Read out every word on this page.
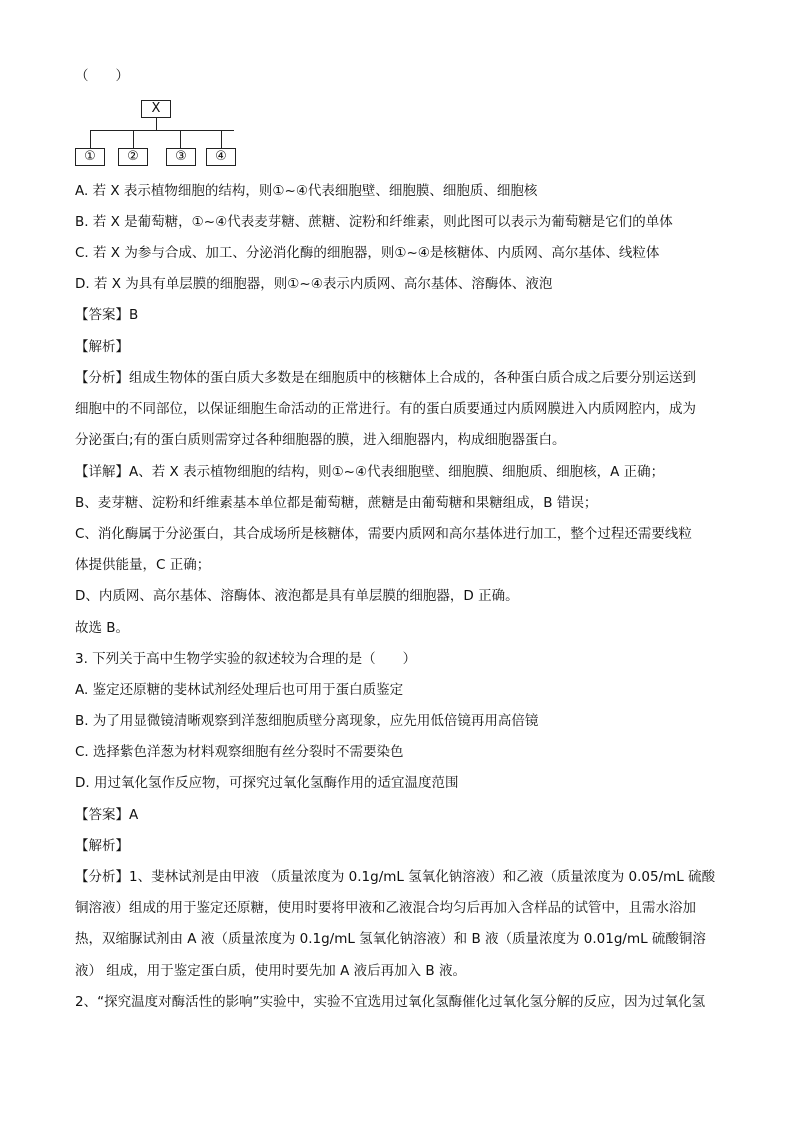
（　　）
X
①	②	③	④
A. 若 X 表示植物细胞的结构，则①~④代表细胞壁、细胞膜、细胞质、细胞核
B. 若 X 是葡萄糖，①~④代表麦芽糖、蔗糖、淀粉和纤维素，则此图可以表示为葡萄糖是它们的单体
C. 若 X 为参与合成、加工、分泌消化酶的细胞器，则①~④是核糖体、内质网、高尔基体、线粒体
D. 若 X 为具有单层膜的细胞器，则①~④表示内质网、高尔基体、溶酶体、液泡
【答案】B
【解析】
【分析】组成生物体的蛋白质大多数是在细胞质中的核糖体上合成的，各种蛋白质合成之后要分别运送到
细胞中的不同部位，以保证细胞生命活动的正常进行。有的蛋白质要通过内质网膜进入内质网腔内，成为
分泌蛋白;有的蛋白质则需穿过各种细胞器的膜，进入细胞器内，构成细胞器蛋白。
【详解】A、若 X 表示植物细胞的结构，则①~④代表细胞壁、细胞膜、细胞质、细胞核，A 正确；
B、麦芽糖、淀粉和纤维素基本单位都是葡萄糖，蔗糖是由葡萄糖和果糖组成，B 错误；
C、消化酶属于分泌蛋白，其合成场所是核糖体，需要内质网和高尔基体进行加工，整个过程还需要线粒
体提供能量，C 正确；
D、内质网、高尔基体、溶酶体、液泡都是具有单层膜的细胞器，D 正确。
故选 B。
3. 下列关于高中生物学实验的叙述较为合理的是（　　）
A. 鉴定还原糖的斐林试剂经处理后也可用于蛋白质鉴定
B. 为了用显微镜清晰观察到洋葱细胞质壁分离现象，应先用低倍镜再用高倍镜
C. 选择紫色洋葱为材料观察细胞有丝分裂时不需要染色
D. 用过氧化氢作反应物，可探究过氧化氢酶作用的适宜温度范围
【答案】A
【解析】
【分析】1、斐林试剂是由甲液 （质量浓度为 0.1g/mL 氢氧化钠溶液）和乙液（质量浓度为 0.05/mL 硫酸
铜溶液）组成的用于鉴定还原糖，使用时要将甲液和乙液混合均匀后再加入含样品的试管中，且需水浴加
热，双缩脲试剂由 A 液（质量浓度为 0.1g/mL 氢氧化钠溶液）和 B 液（质量浓度为 0.01g/mL 硫酸铜溶
液） 组成，用于鉴定蛋白质，使用时要先加 A 液后再加入 B 液。
2、“探究温度对酶活性的影响”实验中，实验不宜选用过氧化氢酶催化过氧化氢分解的反应，因为过氧化氢
